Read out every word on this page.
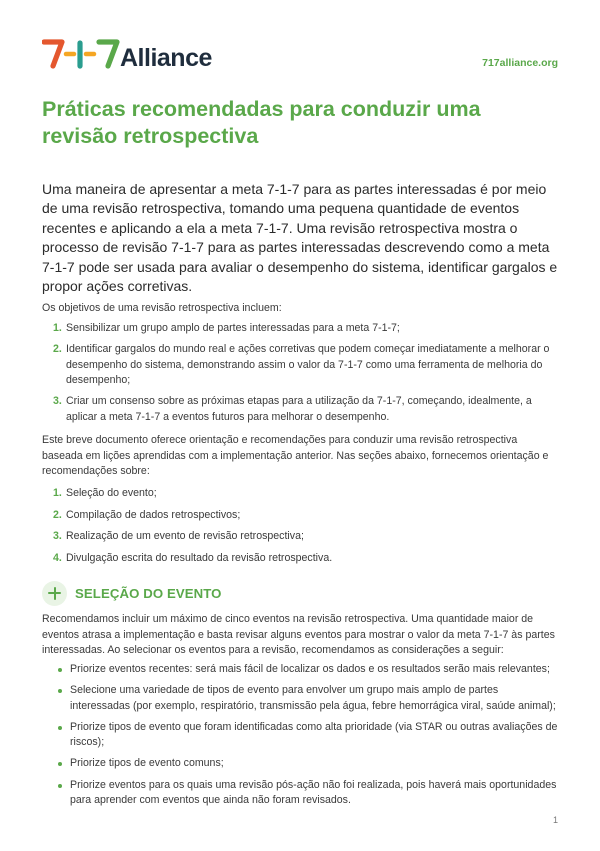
Alliance	717alliance.org
Práticas recomendadas para conduzir uma revisão retrospectiva

Uma maneira de apresentar a meta 7-1-7 para as partes interessadas é por meio de uma revisão retrospectiva, tomando uma pequena quantidade de eventos recentes e aplicando a ela a meta 7-1-7. Uma revisão retrospectiva mostra o processo de revisão 7-1-7 para as partes interessadas descrevendo como a meta 7-1-7 pode ser usada para avaliar o desempenho do sistema, identificar gargalos e propor ações corretivas.

Os objetivos de uma revisão retrospectiva incluem:

1. Sensibilizar um grupo amplo de partes interessadas para a meta 7-1-7;
2. Identificar gargalos do mundo real e ações corretivas que podem começar imediatamente a melhorar o desempenho do sistema, demonstrando assim o valor da 7-1-7 como uma ferramenta de melhoria do desempenho;
3. Criar um consenso sobre as próximas etapas para a utilização da 7-1-7, começando, idealmente, a aplicar a meta 7-1-7 a eventos futuros para melhorar o desempenho.

Este breve documento oferece orientação e recomendações para conduzir uma revisão retrospectiva baseada em lições aprendidas com a implementação anterior. Nas seções abaixo, fornecemos orientação e recomendações sobre:

1. Seleção do evento;
2. Compilação de dados retrospectivos;
3. Realização de um evento de revisão retrospectiva;
4. Divulgação escrita do resultado da revisão retrospectiva.
SELEÇÃO DO EVENTO

Recomendamos incluir um máximo de cinco eventos na revisão retrospectiva. Uma quantidade maior de eventos atrasa a implementação e basta revisar alguns eventos para mostrar o valor da meta 7-1-7 às partes interessadas. Ao selecionar os eventos para a revisão, recomendamos as considerações a seguir:

Priorize eventos recentes: será mais fácil de localizar os dados e os resultados serão mais relevantes;
Selecione uma variedade de tipos de evento para envolver um grupo mais amplo de partes interessadas (por exemplo, respiratório, transmissão pela água, febre hemorrágica viral, saúde animal);
Priorize tipos de evento que foram identificadas como alta prioridade (via STAR ou outras avaliações de riscos);
Priorize tipos de evento comuns;
Priorize eventos para os quais uma revisão pós-ação não foi realizada, pois haverá mais oportunidades para aprender com eventos que ainda não foram revisados.
1
